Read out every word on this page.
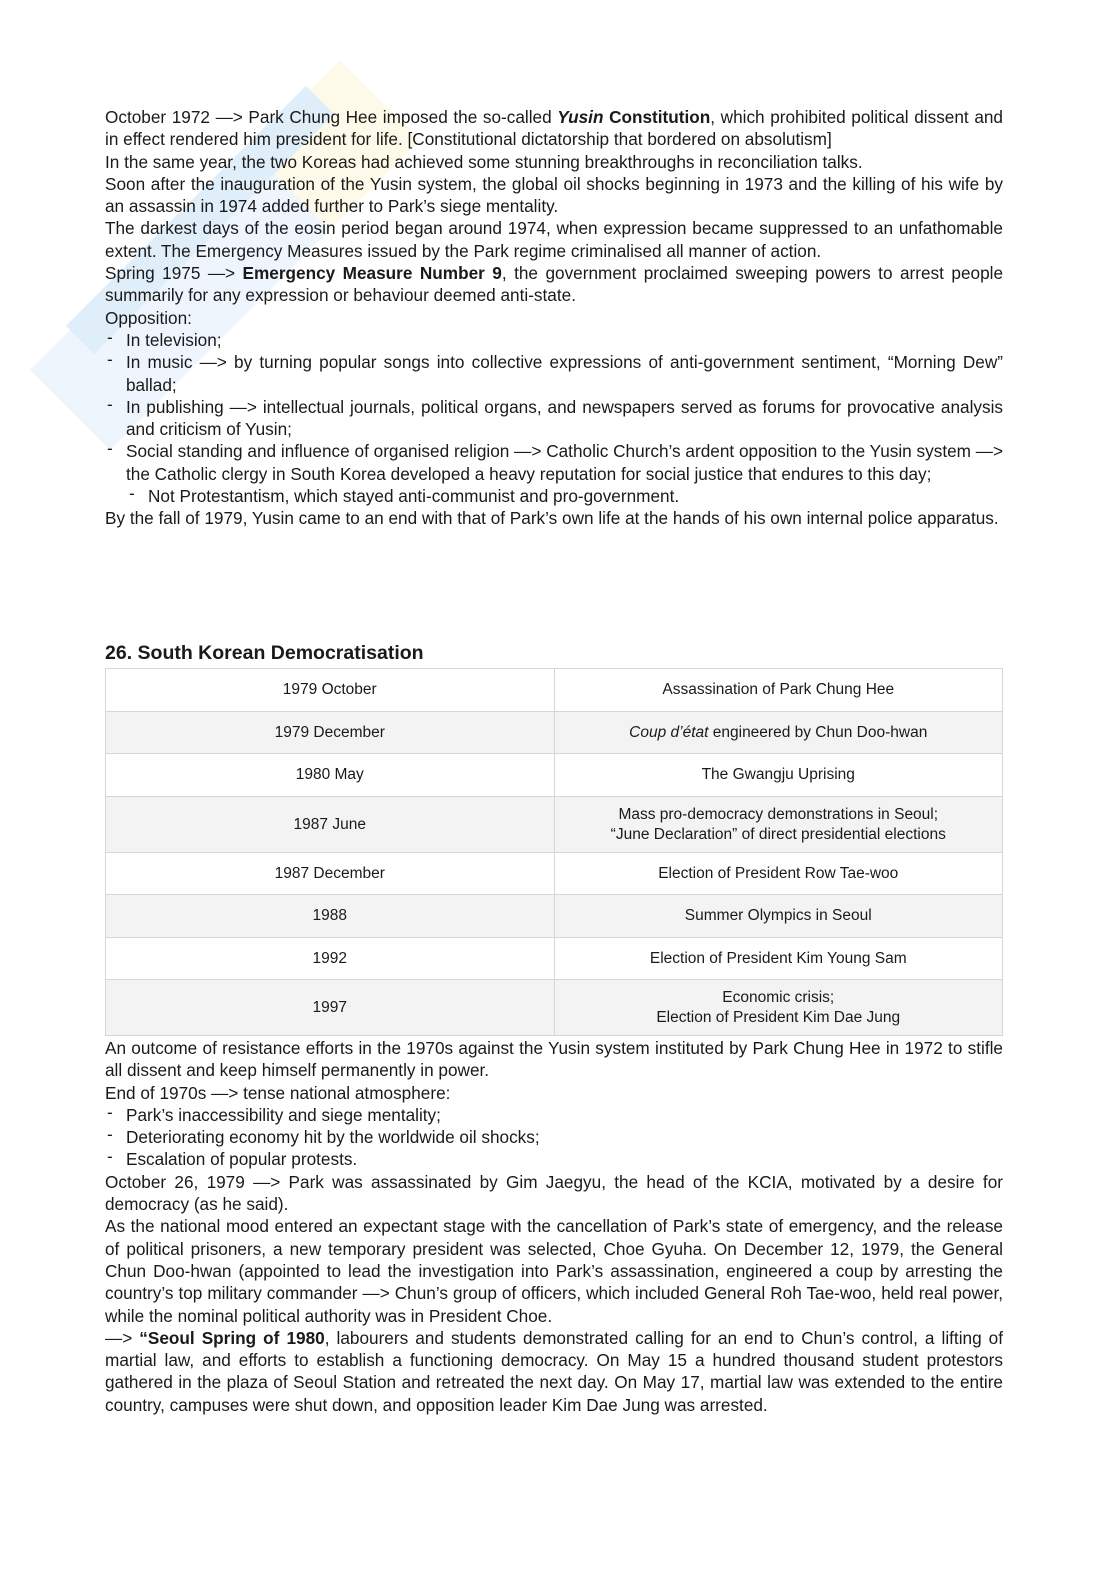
October 1972 —> Park Chung Hee imposed the so-called Yusin Constitution, which prohibited political dissent and in effect rendered him president for life. [Constitutional dictatorship that bordered on absolutism]

In the same year, the two Koreas had achieved some stunning breakthroughs in reconciliation talks.

Soon after the inauguration of the Yusin system, the global oil shocks beginning in 1973 and the killing of his wife by an assassin in 1974 added further to Park’s siege mentality.

The darkest days of the eosin period began around 1974, when expression became suppressed to an unfathomable extent. The Emergency Measures issued by the Park regime criminalised all manner of action.

Spring 1975 —> Emergency Measure Number 9, the government proclaimed sweeping powers to arrest people summarily for any expression or behaviour deemed anti-state.

Opposition:

- In television;
- In music —> by turning popular songs into collective expressions of anti-government sentiment, “Morning Dew” ballad;
- In publishing —> intellectual journals, political organs, and newspapers served as forums for provocative analysis and criticism of Yusin;
- Social standing and influence of organised religion —> Catholic Church’s ardent opposition to the Yusin system —> the Catholic clergy in South Korea developed a heavy reputation for social justice that endures to this day;
- Not Protestantism, which stayed anti-communist and pro-government.

By the fall of 1979, Yusin came to an end with that of Park’s own life at the hands of his own internal police apparatus.

26. South Korean Democratisation
1979 October	Assassination of Park Chung Hee
1979 December	Coup d’état engineered by Chun Doo-hwan
1980 May	The Gwangju Uprising
1987 June	Mass pro-democracy demonstrations in Seoul;
“June Declaration” of direct presidential elections

1987 December	Election of President Row Tae-woo
1988	Summer Olympics in Seoul
1992	Election of President Kim Young Sam
1997	Economic crisis;
Election of President Kim Dae Jung

An outcome of resistance efforts in the 1970s against the Yusin system instituted by Park Chung Hee in 1972 to stifle all dissent and keep himself permanently in power.

End of 1970s —> tense national atmosphere:

- Park’s inaccessibility and siege mentality;
- Deteriorating economy hit by the worldwide oil shocks;
- Escalation of popular protests.

October 26, 1979 —> Park was assassinated by Gim Jaegyu, the head of the KCIA, motivated by a desire for democracy (as he said).

As the national mood entered an expectant stage with the cancellation of Park’s state of emergency, and the release of political prisoners, a new temporary president was selected, Choe Gyuha. On December 12, 1979, the General Chun Doo-hwan (appointed to lead the investigation into Park’s assassination, engineered a coup by arresting the country’s top military commander —> Chun’s group of officers, which included General Roh Tae-woo, held real power, while the nominal political authority was in President Choe.

—> “Seoul Spring of 1980, labourers and students demonstrated calling for an end to Chun’s control, a lifting of martial law, and efforts to establish a functioning democracy. On May 15 a hundred thousand student protestors gathered in the plaza of Seoul Station and retreated the next day. On May 17, martial law was extended to the entire country, campuses were shut down, and opposition leader Kim Dae Jung was arrested.
